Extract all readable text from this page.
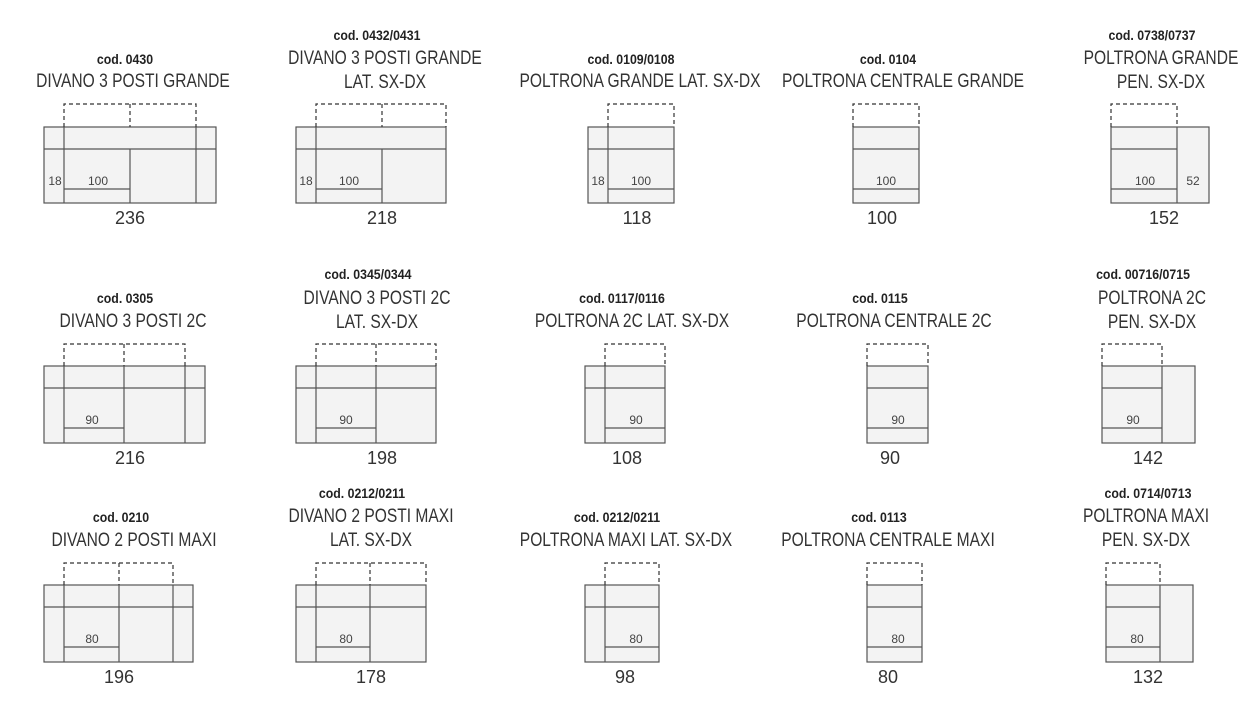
cod. 0430
DIVANO 3 POSTI GRANDE
18 100
236
cod. 0432/0431
DIVANO 3 POSTI GRANDE
LAT. SX-DX
18 100
218
cod. 0109/0108
POLTRONA GRANDE LAT. SX-DX
18 100
118
cod. 0104
POLTRONA CENTRALE GRANDE
100
100
cod. 0738/0737
POLTRONA GRANDE
PEN. SX-DX
100	52
152
cod. 0305
DIVANO 3 POSTI 2C
90
216
cod. 0345/0344
DIVANO 3 POSTI 2C
LAT. SX-DX
90
198
cod. 0117/0116
POLTRONA 2C LAT. SX-DX
90
108
cod. 0115
POLTRONA CENTRALE 2C
90
90
cod. 00716/0715
POLTRONA 2C
PEN. SX-DX
90
142
cod. 0210
DIVANO 2 POSTI MAXI
80
196
cod. 0212/0211
DIVANO 2 POSTI MAXI
LAT. SX-DX
80
178
cod. 0212/0211
POLTRONA MAXI LAT. SX-DX
80
98
cod. 0113
POLTRONA CENTRALE MAXI
80
80
cod. 0714/0713
POLTRONA MAXI
PEN. SX-DX
80
132
